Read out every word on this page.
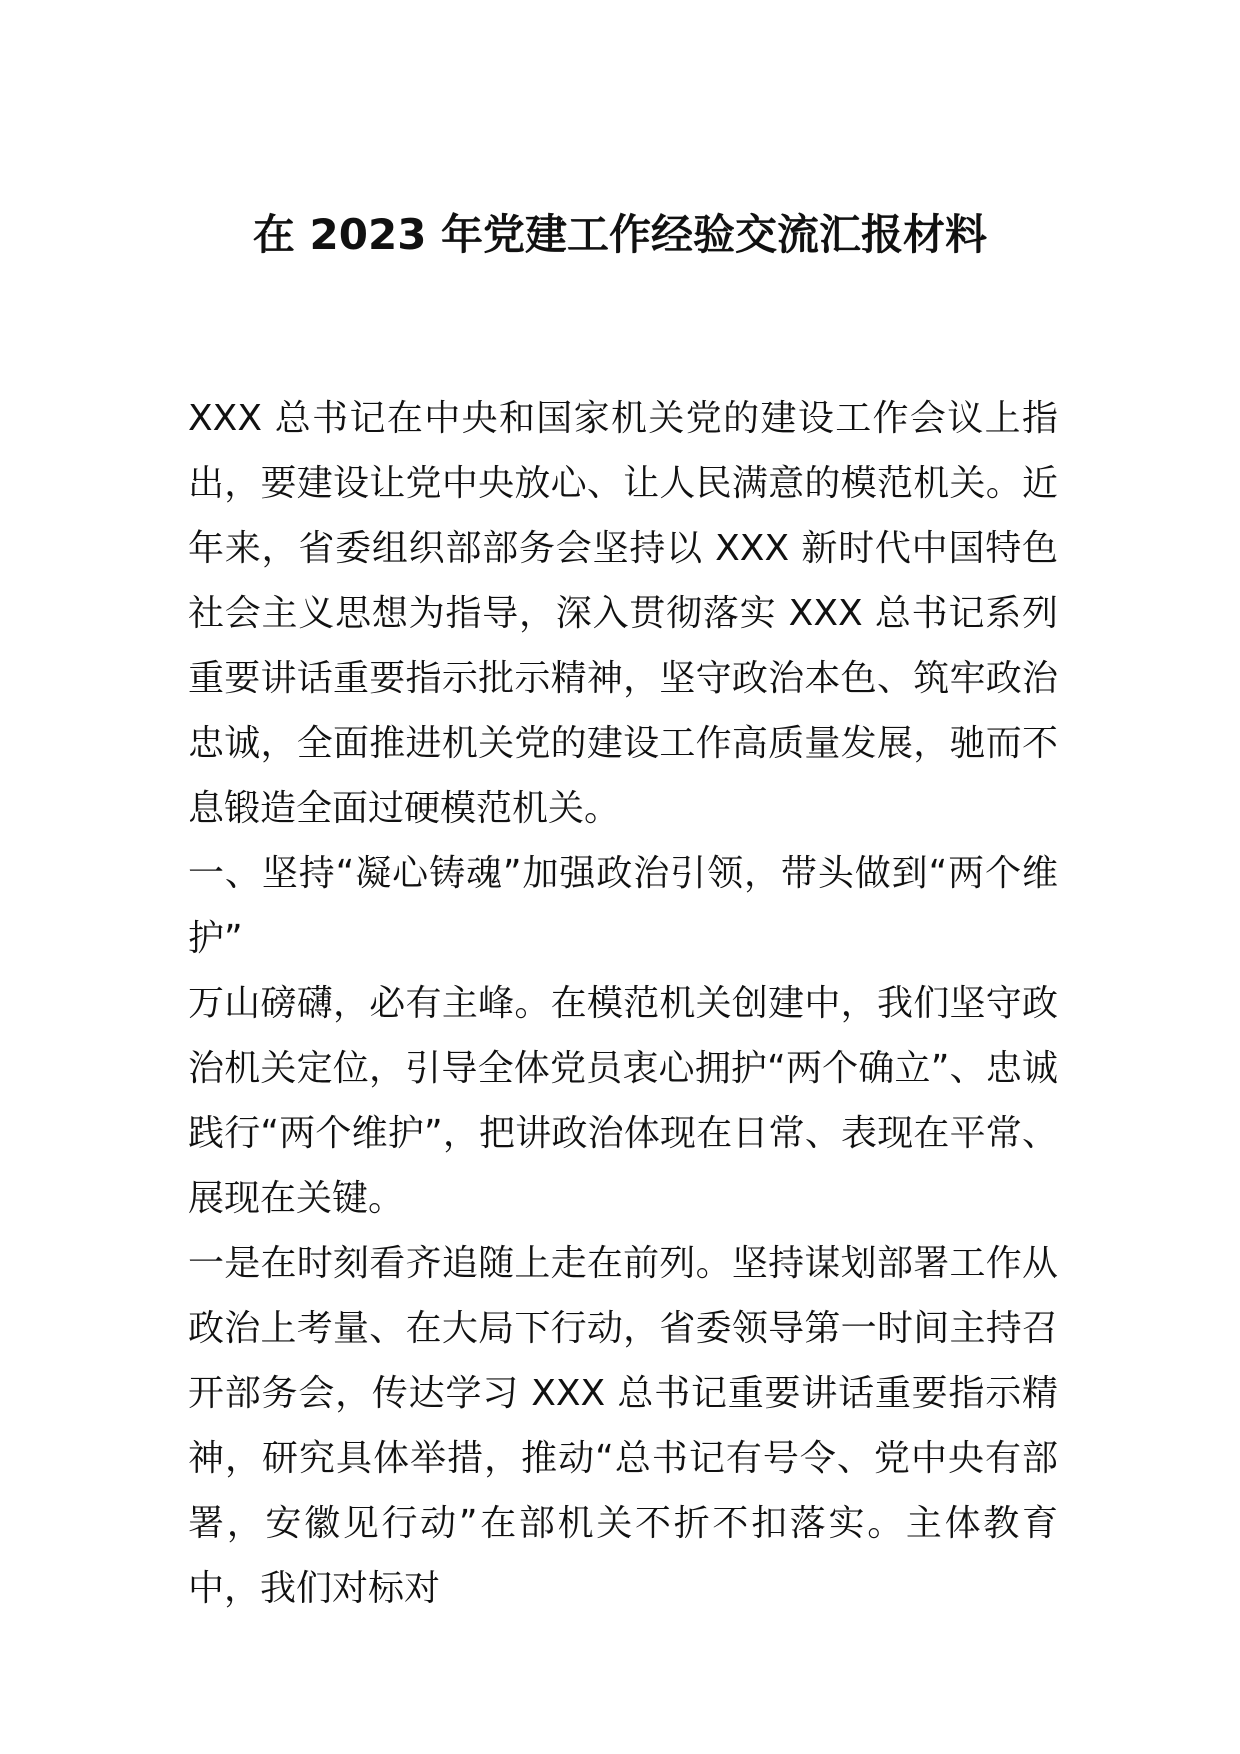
在 2023 年党建工作经验交流汇报材料

XXX 总书记在中央和国家机关党的建设工作会议上指出，要建设让党中央放心、让人民满意的模范机关。近年来，省委组织部部务会坚持以 XXX 新时代中国特色社会主义思想为指导，深入贯彻落实 XXX 总书记系列重要讲话重要指示批示精神，坚守政治本色、筑牢政治忠诚，全面推进机关党的建设工作高质量发展，驰而不息锻造全面过硬模范机关。

一、坚持“凝心铸魂”加强政治引领，带头做到“两个维护”

万山磅礴，必有主峰。在模范机关创建中，我们坚守政治机关定位，引导全体党员衷心拥护“两个确立”、忠诚践行“两个维护”，把讲政治体现在日常、表现在平常、展现在关键。

一是在时刻看齐追随上走在前列。坚持谋划部署工作从政治上考量、在大局下行动，省委领导第一时间主持召开部务会，传达学习 XXX 总书记重要讲话重要指示精神，研究具体举措，推动“总书记有号令、党中央有部署，安徽见行动”在部机关不折不扣落实。主体教育中，我们对标对
